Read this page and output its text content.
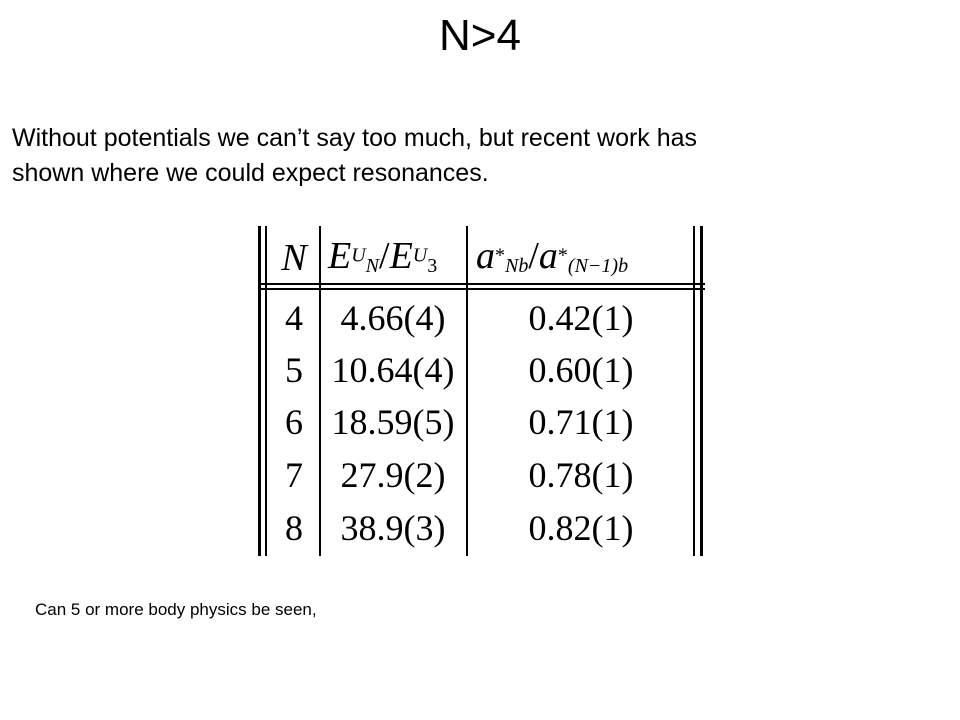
N>4

Without potentials we can’t say too much, but recent work has

shown where we could expect resonances.

N $E^U_N/E^U_3$ $a^*_{Nb}/a^*_{(N-1)b}$
4	4.66(4)	0.42(1)
5 10.64(4)	0.60(1)
6 18.59(5)	0.71(1)
7	27.9(2)	0.78(1)
8	38.9(3)	0.82(1)
Can 5 or more body physics be seen,
